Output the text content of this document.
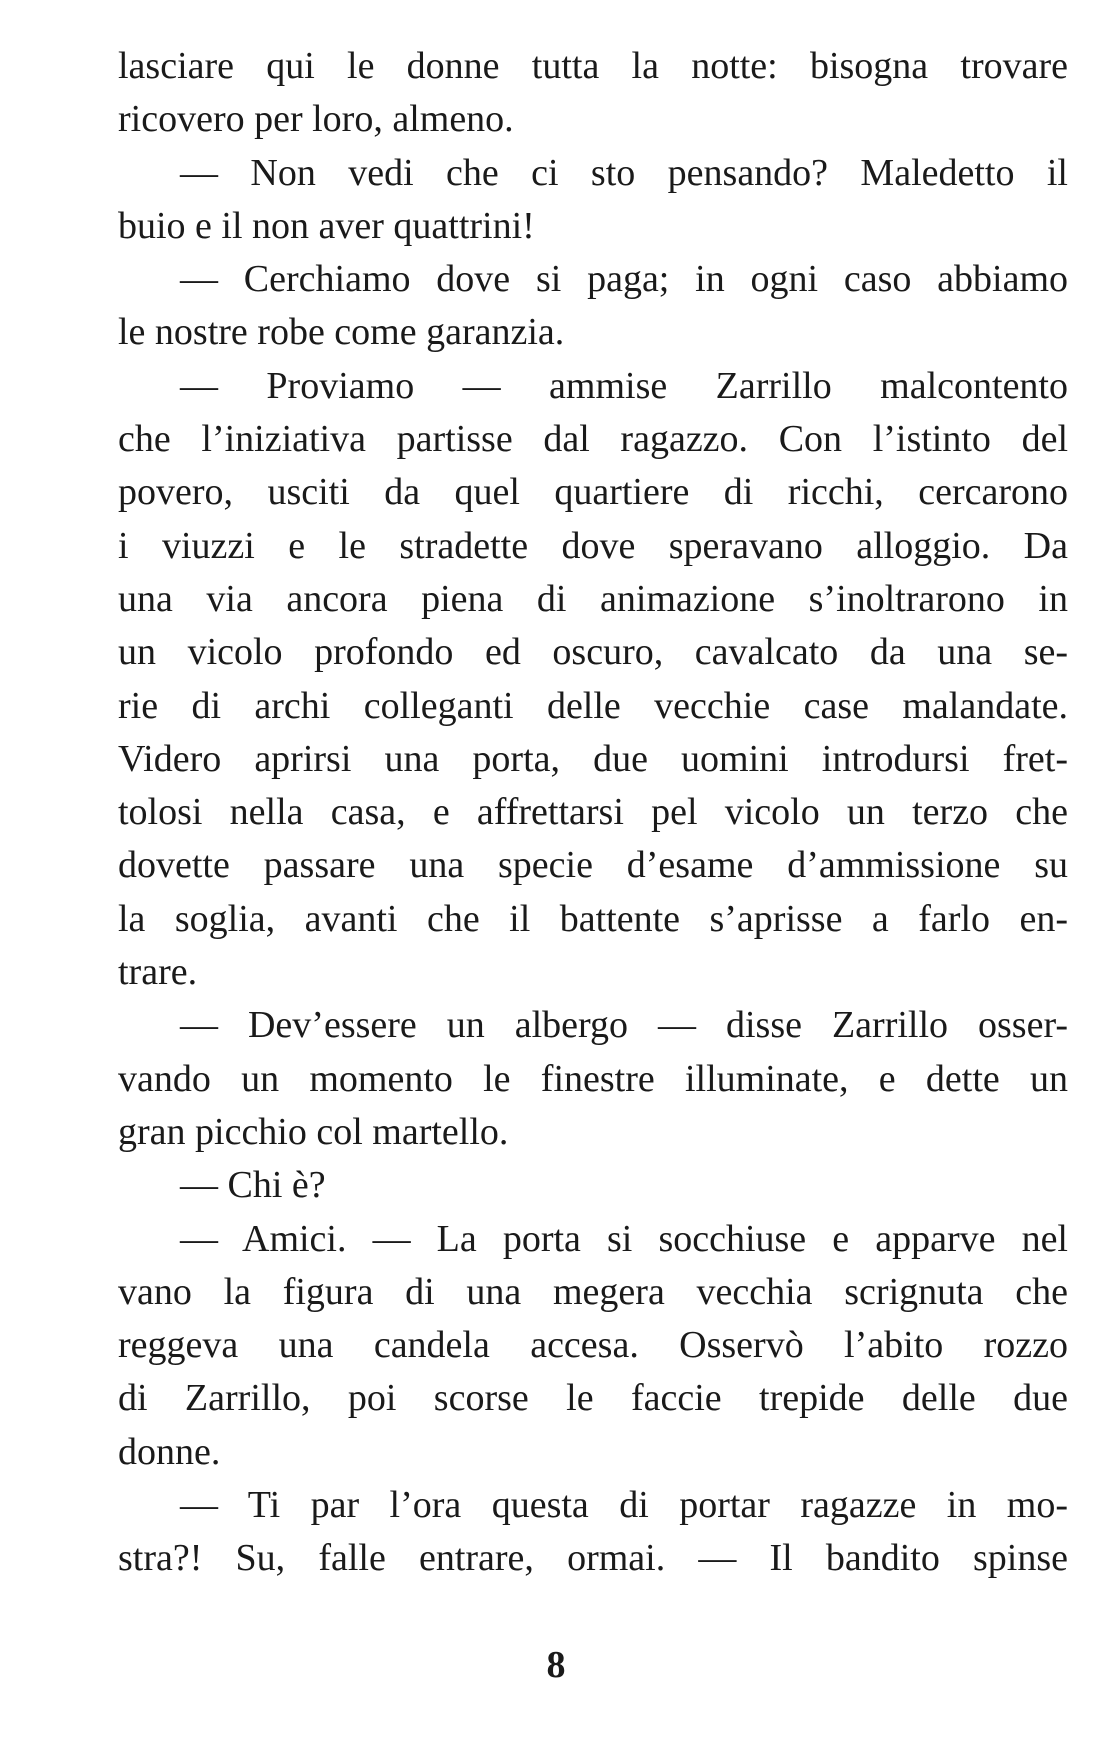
lasciare qui le donne tutta la notte: bisogna trovare
ricovero per loro, almeno.
— Non vedi che ci sto pensando? Maledetto il
buio e il non aver quattrini!
— Cerchiamo dove si paga; in ogni caso abbiamo
le nostre robe come garanzia.
— Proviamo — ammise Zarrillo malcontento
che l’iniziativa partisse dal ragazzo. Con l’istinto del
povero, usciti da quel quartiere di ricchi, cercarono
i viuzzi e le stradette dove speravano alloggio. Da
una via ancora piena di animazione s’inoltrarono in
un vicolo profondo ed oscuro, cavalcato da una se-
rie di archi colleganti delle vecchie case malandate.
Videro aprirsi una porta, due uomini introdursi fret-
tolosi nella casa, e affrettarsi pel vicolo un terzo che
dovette passare una specie d’esame d’ammissione su
la soglia, avanti che il battente s’aprisse a farlo en-
trare.
— Dev’essere un albergo — disse Zarrillo osser-
vando un momento le finestre illuminate, e dette un
gran picchio col martello.
— Chi è?
— Amici. — La porta si socchiuse e apparve nel
vano la figura di una megera vecchia scrignuta che
reggeva una candela accesa. Osservò l’abito rozzo
di Zarrillo, poi scorse le faccie trepide delle due
donne.
— Ti par l’ora questa di portar ragazze in mo-
stra?! Su, falle entrare, ormai. — Il bandito spinse
8
